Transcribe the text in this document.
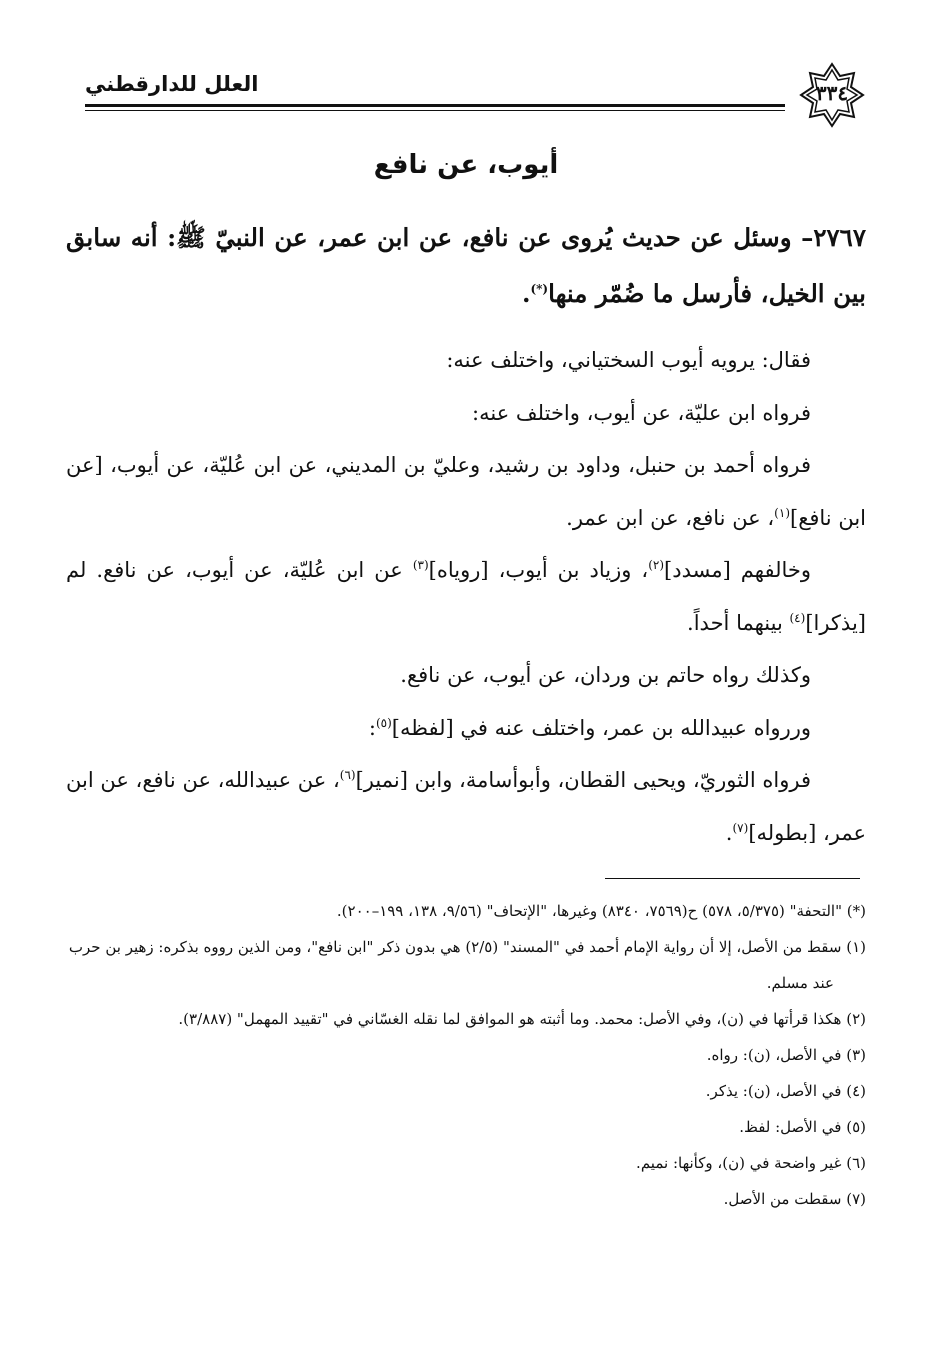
٣٣٤
العلل للدارقطني
أيوب، عن نافع
٢٧٦٧– وسئل عن حديث يُروى عن نافع، عن ابن عمر، عن النبيّ ﷺ: أنه سابق بين الخيل، فأرسل ما ضُمّر منها(*).

فقال: يرويه أيوب السختياني، واختلف عنه:

فرواه ابن عليّة، عن أيوب، واختلف عنه:

فرواه أحمد بن حنبل، وداود بن رشيد، وعليّ بن المديني، عن ابن عُليّة، عن أيوب، [عن ابن نافع]$^{(١)}$، عن نافع، عن ابن عمر.

وخالفهم [مسدد]$^{(٢)}$، وزياد بن أيوب، [روياه]$^{(٣)}$ عن ابن عُليّة، عن أيوب، عن نافع. لم [يذكرا]$^{(٤)}$ بينهما أحداً.

وكذلك رواه حاتم بن وردان، عن أيوب، عن نافع.

وررواه عبيدالله بن عمر، واختلف عنه في [لفظه]$^{(٥)}$:

فرواه الثوريّ، ويحيى القطان، وأبوأسامة، وابن [نمير]$^{(٦)}$، عن عبيدالله، عن نافع، عن ابن عمر، [بطوله]$^{(٧)}$.

(*) "التحفة" (٥/٣٧٥، ٥٧٨) ح(٧٥٦٩، ٨٣٤٠) وغيرها، "الإتحاف" (٩/٥٦، ١٣٨، ١٩٩–٢٠٠).

(١) سقط من الأصل، إلا أن رواية الإمام أحمد في "المسند" (٢/٥) هي بدون ذكر "ابن نافع"، ومن الذين رووه بذكره: زهير بن حرب عند مسلم.

(٢) هكذا قرأتها في (ن)، وفي الأصل: محمد. وما أثبته هو الموافق لما نقله الغسّاني في "تقييد المهمل" (٣/٨٨٧).

(٣) في الأصل، (ن): رواه.

(٤) في الأصل، (ن): يذكر.

(٥) في الأصل: لفظ.

(٦) غير واضحة في (ن)، وكأنها: نميم.

(٧) سقطت من الأصل.
